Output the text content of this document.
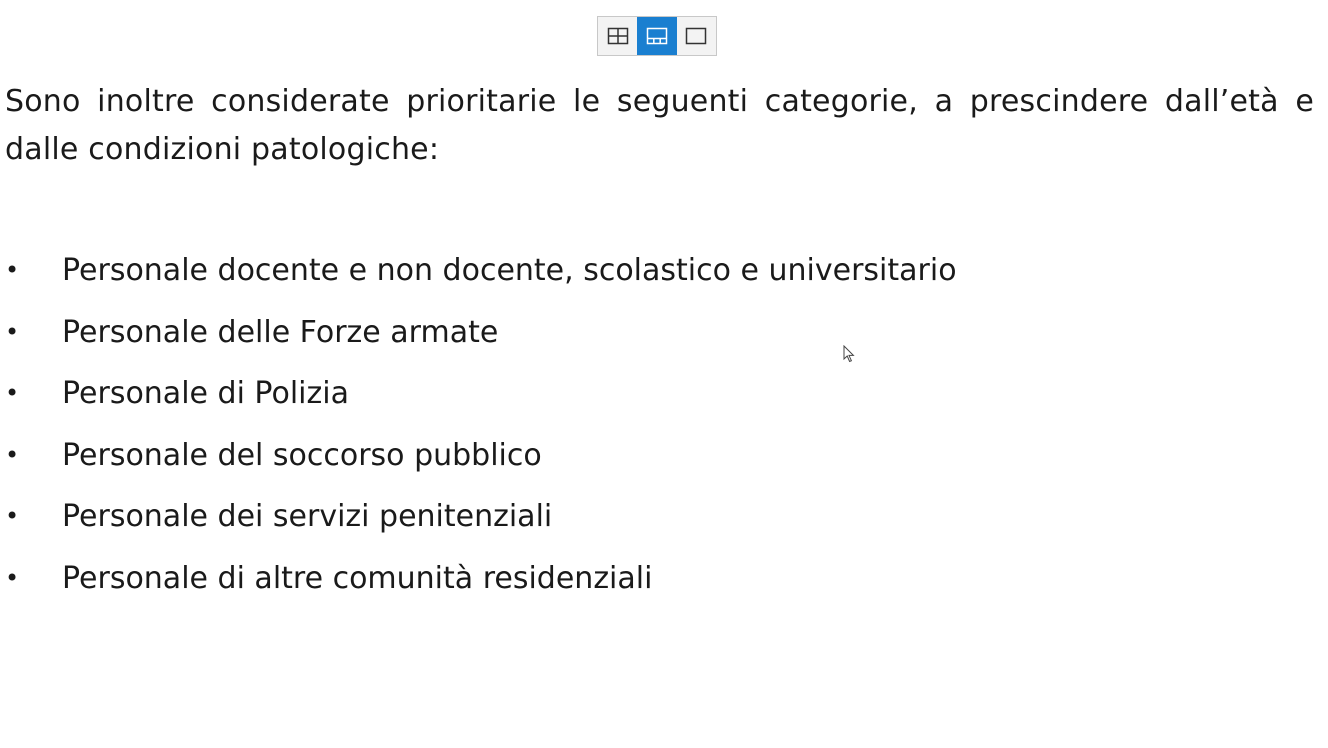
Sono inoltre considerate prioritarie le seguenti categorie, a prescindere dall’età e dalle condizioni patologiche:

• Personale docente e non docente, scolastico e universitario
• Personale delle Forze armate
• Personale di Polizia
• Personale del soccorso pubblico
• Personale dei servizi penitenziali
• Personale di altre comunità residenziali
